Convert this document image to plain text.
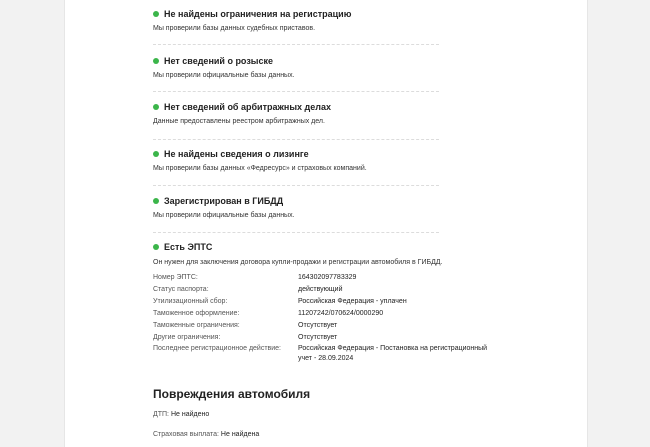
Не найдены ограничения на регистрацию
Мы проверили базы данных судебных приставов.
Нет сведений о розыске
Мы проверили официальные базы данных.
Нет сведений об арбитражных делах
Данные предоставлены реестром арбитражных дел.
Не найдены сведения о лизинге
Мы проверили базы данных «Федресурс» и страховых компаний.
Зарегистрирован в ГИБДД
Мы проверили официальные базы данных.
Есть ЭПТС
Он нужен для заключения договора купли-продажи и регистрации автомобиля в ГИБДД.
Номер ЭПТС:	164302097783329
Статус паспорта:	действующий
Утилизационный сбор:	Российская Федерация - уплачен
Таможенное оформление:	11207242/070624/0000290
Таможенные ограничения:	Отсутствует
Другие ограничения:	Отсутствует
Последнее регистрационное действие: Российская Федерация - Постановка на регистрационный учет - 28.09.2024
Повреждения автомобиля
ДТП: Не найдено
Страховая выплата: Не найдена
